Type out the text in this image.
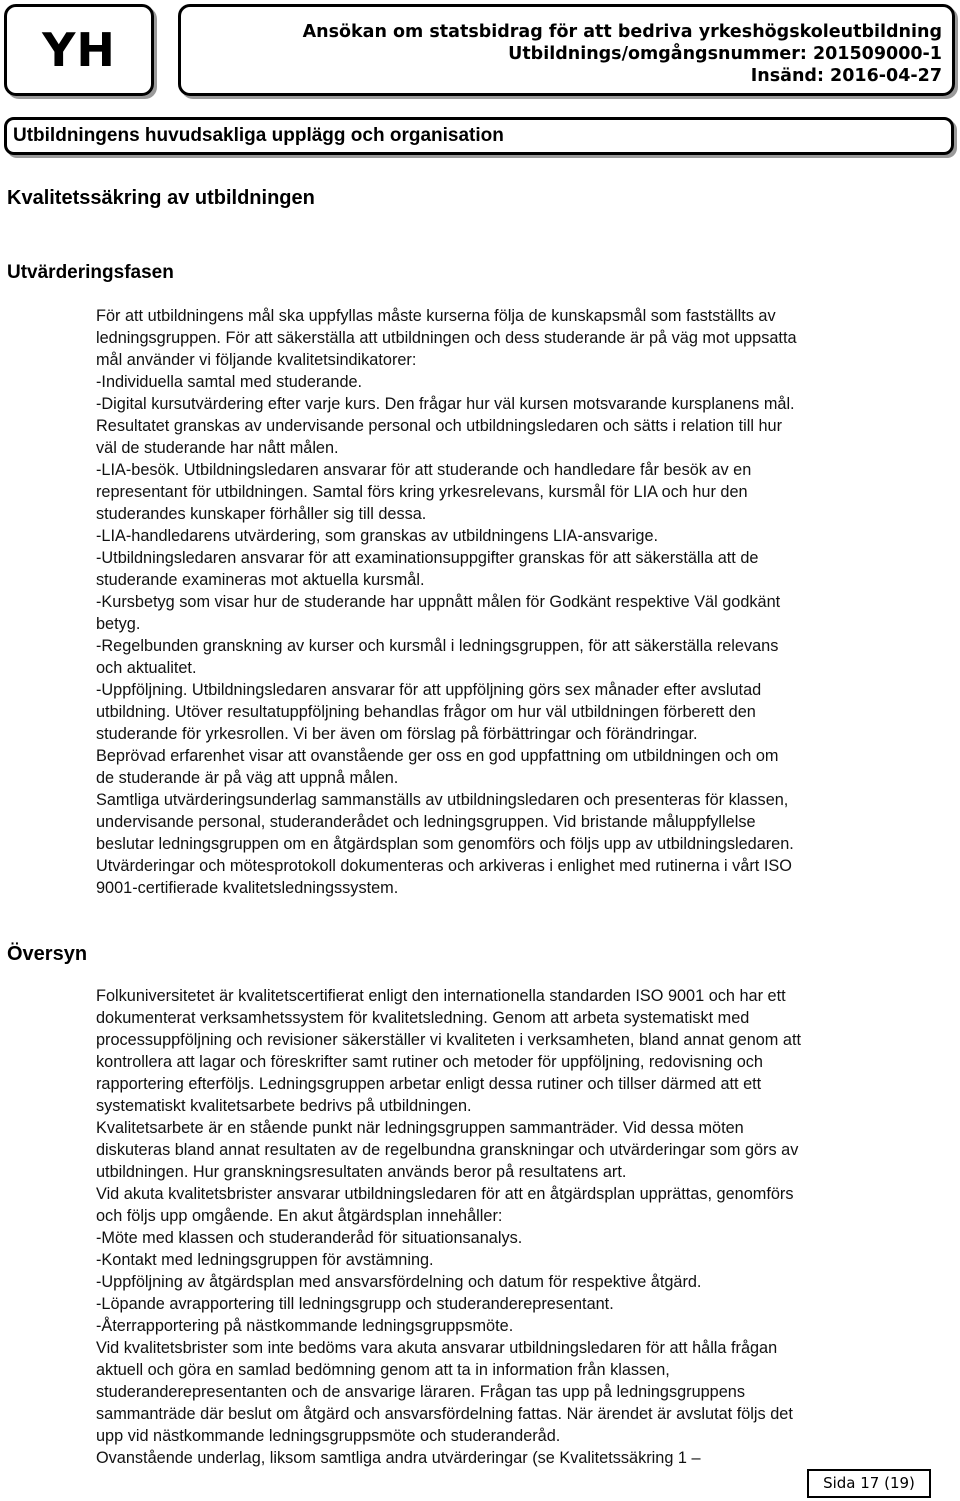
YH	Ansökan om statsbidrag för att bedriva yrkeshögskoleutbildning
Utbildnings/omgångsnummer: 201509000-1
Insänd: 2016-04-27
Utbildningens huvudsakliga upplägg och organisation
Kvalitetssäkring av utbildningen
Utvärderingsfasen

För att utbildningens mål ska uppfyllas måste kurserna följa de kunskapsmål som fastställts av

ledningsgruppen. För att säkerställa att utbildningen och dess studerande är på väg mot uppsatta

mål använder vi följande kvalitetsindikatorer:

-Individuella samtal med studerande.

-Digital kursutvärdering efter varje kurs. Den frågar hur väl kursen motsvarande kursplanens mål.

Resultatet granskas av undervisande personal och utbildningsledaren och sätts i relation till hur

väl de studerande har nått målen.

-LIA-besök. Utbildningsledaren ansvarar för att studerande och handledare får besök av en

representant för utbildningen. Samtal förs kring yrkesrelevans, kursmål för LIA och hur den

studerandes kunskaper förhåller sig till dessa.

-LIA-handledarens utvärdering, som granskas av utbildningens LIA-ansvarige.

-Utbildningsledaren ansvarar för att examinationsuppgifter granskas för att säkerställa att de

studerande examineras mot aktuella kursmål.

-Kursbetyg som visar hur de studerande har uppnått målen för Godkänt respektive Väl godkänt

betyg.

-Regelbunden granskning av kurser och kursmål i ledningsgruppen, för att säkerställa relevans

och aktualitet.

-Uppföljning. Utbildningsledaren ansvarar för att uppföljning görs sex månader efter avslutad

utbildning. Utöver resultatuppföljning behandlas frågor om hur väl utbildningen förberett den

studerande för yrkesrollen. Vi ber även om förslag på förbättringar och förändringar.

Beprövad erfarenhet visar att ovanstående ger oss en god uppfattning om utbildningen och om

de studerande är på väg att uppnå målen.

Samtliga utvärderingsunderlag sammanställs av utbildningsledaren och presenteras för klassen,

undervisande personal, studeranderådet och ledningsgruppen. Vid bristande måluppfyllelse

beslutar ledningsgruppen om en åtgärdsplan som genomförs och följs upp av utbildningsledaren.

Utvärderingar och mötesprotokoll dokumenteras och arkiveras i enlighet med rutinerna i vårt ISO

9001-certifierade kvalitetsledningssystem.

Översyn

Folkuniversitetet är kvalitetscertifierat enligt den internationella standarden ISO 9001 och har ett

dokumenterat verksamhetssystem för kvalitetsledning. Genom att arbeta systematiskt med

processuppföljning och revisioner säkerställer vi kvaliteten i verksamheten, bland annat genom att

kontrollera att lagar och föreskrifter samt rutiner och metoder för uppföljning, redovisning och

rapportering efterföljs. Ledningsgruppen arbetar enligt dessa rutiner och tillser därmed att ett

systematiskt kvalitetsarbete bedrivs på utbildningen.

Kvalitetsarbete är en stående punkt när ledningsgruppen sammanträder. Vid dessa möten

diskuteras bland annat resultaten av de regelbundna granskningar och utvärderingar som görs av

utbildningen. Hur granskningsresultaten används beror på resultatens art.

Vid akuta kvalitetsbrister ansvarar utbildningsledaren för att en åtgärdsplan upprättas, genomförs

och följs upp omgående. En akut åtgärdsplan innehåller:

-Möte med klassen och studeranderåd för situationsanalys.

-Kontakt med ledningsgruppen för avstämning.

-Uppföljning av åtgärdsplan med ansvarsfördelning och datum för respektive åtgärd.

-Löpande avrapportering till ledningsgrupp och studeranderepresentant.

-Återrapportering på nästkommande ledningsgruppsmöte.

Vid kvalitetsbrister som inte bedöms vara akuta ansvarar utbildningsledaren för att hålla frågan

aktuell och göra en samlad bedömning genom att ta in information från klassen,

studeranderepresentanten och de ansvarige läraren. Frågan tas upp på ledningsgruppens

sammanträde där beslut om åtgärd och ansvarsfördelning fattas. När ärendet är avslutat följs det

upp vid nästkommande ledningsgruppsmöte och studeranderåd.

Ovanstående underlag, liksom samtliga andra utvärderingar (se Kvalitetssäkring 1 –

Sida 17 (19)
